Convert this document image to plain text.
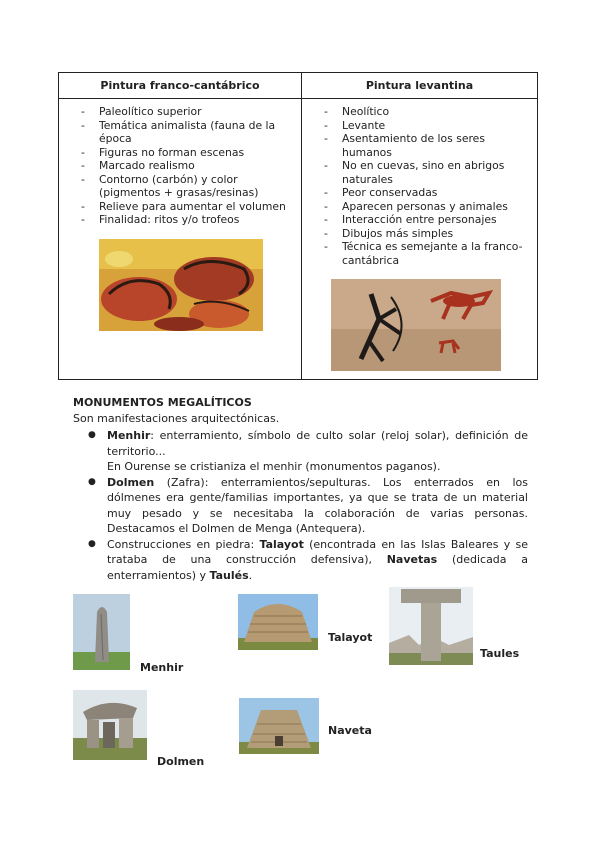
Pintura franco-cantábrico
- Paleolítico superior
- Temática animalista (fauna de la época
- Figuras no forman escenas
- Marcado realismo
- Contorno (carbón) y color (pigmentos + grasas/resinas)
- Relieve para aumentar el volumen
- Finalidad: ritos y/o trofeos
Pintura levantina
- Neolítico
- Levante
- Asentamiento de los seres humanos
- No en cuevas, sino en abrigos naturales
- Peor conservadas
- Aparecen personas y animales
- Interacción entre personajes
- Dibujos más simples
- Técnica es semejante a la franco-cantábrica
MONUMENTOS MEGALÍTICOS
Son manifestaciones arquitectónicas.
● Menhir: enterramiento, símbolo de culto solar (reloj solar), definición de territorio...
En Ourense se cristianiza el menhir (monumentos paganos).
● Dolmen (Zafra): enterramientos/sepulturas. Los enterrados en los dólmenes era gente/familias importantes, ya que se trata de un material muy pesado y se necesitaba la colaboración de varias personas. Destacamos el Dolmen de Menga (Antequera).
● Construcciones en piedra: Talayot (encontrada en las Islas Baleares y se trataba de una construcción defensiva), Navetas (dedicada a enterramientos) y Taulés.
Menhir
Talayot
Taules
Dolmen
Naveta
